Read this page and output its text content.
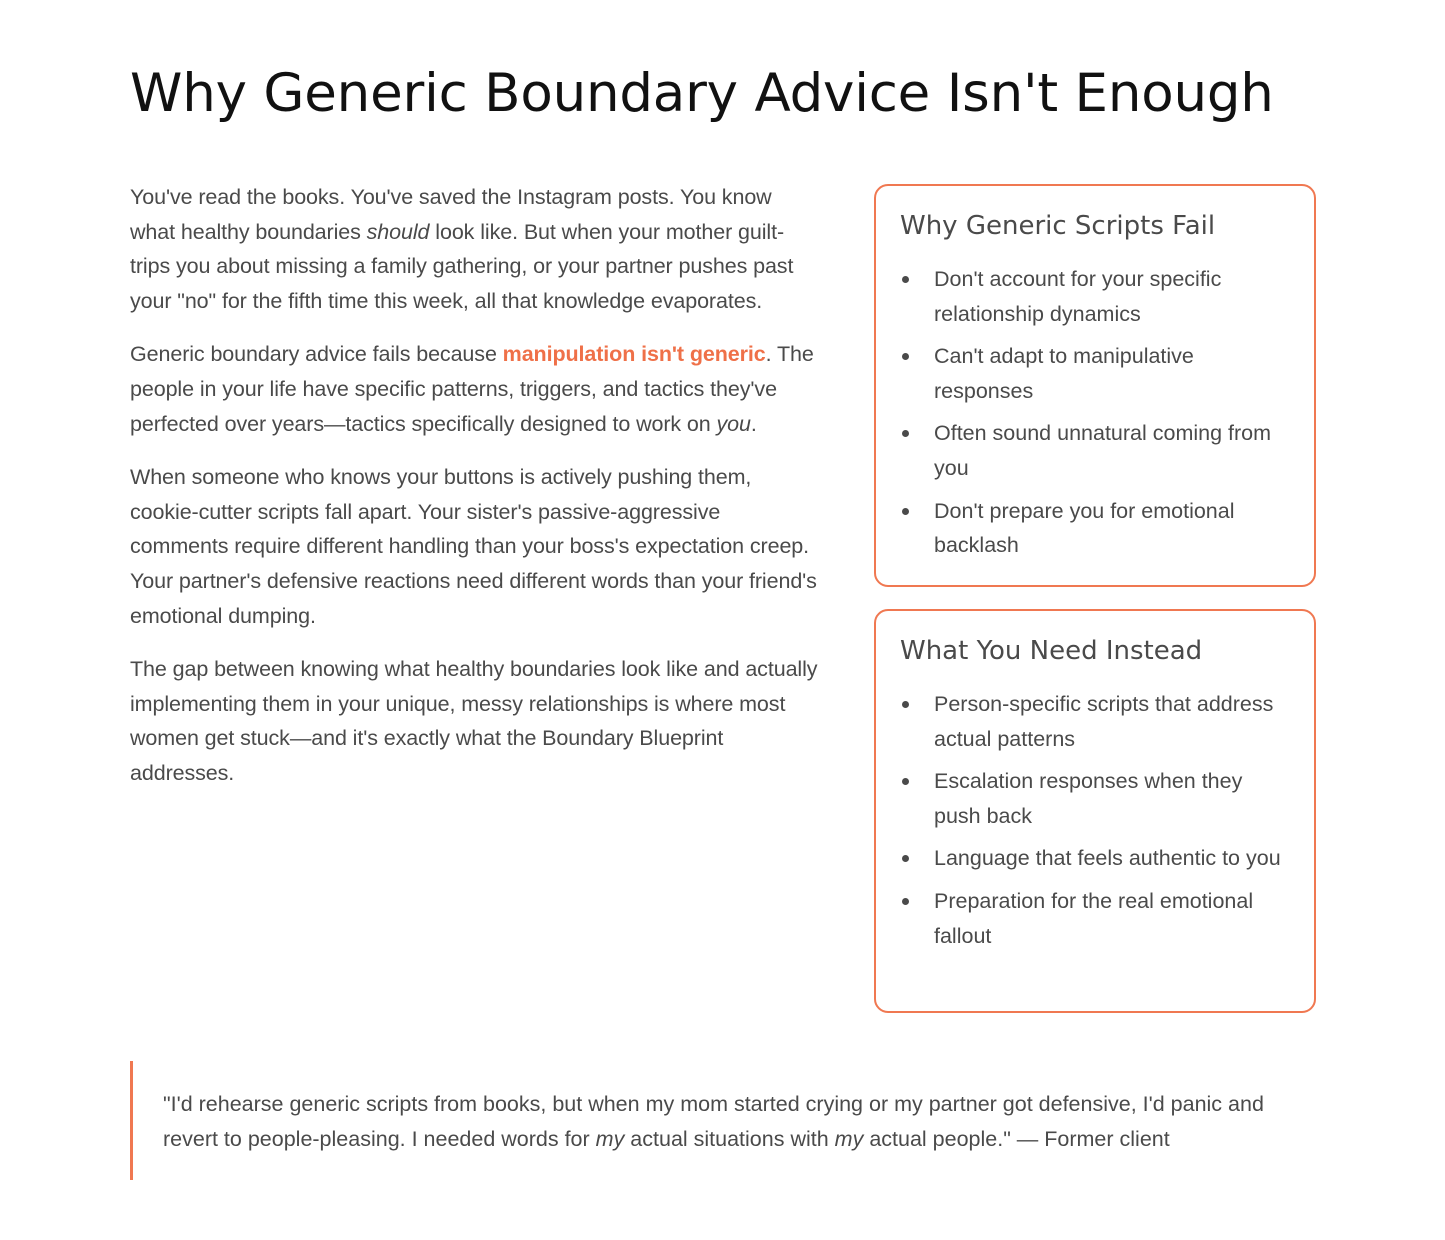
Why Generic Boundary Advice Isn't Enough

You've read the books. You've saved the Instagram posts. You know what healthy boundaries should look like. But when your mother guilt-trips you about missing a family gathering, or your partner pushes past your "no" for the fifth time this week, all that knowledge evaporates.

Generic boundary advice fails because manipulation isn't generic. The people in your life have specific patterns, triggers, and tactics they've perfected over years—tactics specifically designed to work on you.

When someone who knows your buttons is actively pushing them, cookie-cutter scripts fall apart. Your sister's passive-aggressive comments require different handling than your boss's expectation creep. Your partner's defensive reactions need different words than your friend's emotional dumping.

The gap between knowing what healthy boundaries look like and actually implementing them in your unique, messy relationships is where most women get stuck—and it's exactly what the Boundary Blueprint addresses.

Why Generic Scripts Fail
Don't account for your specific relationship dynamics
Can't adapt to manipulative responses
Often sound unnatural coming from you
Don't prepare you for emotional backlash
What You Need Instead
Person-specific scripts that address actual patterns
Escalation responses when they push back
Language that feels authentic to you
Preparation for the real emotional fallout

"I'd rehearse generic scripts from books, but when my mom started crying or my partner got defensive, I'd panic and revert to people-pleasing. I needed words for my actual situations with my actual people." — Former client
